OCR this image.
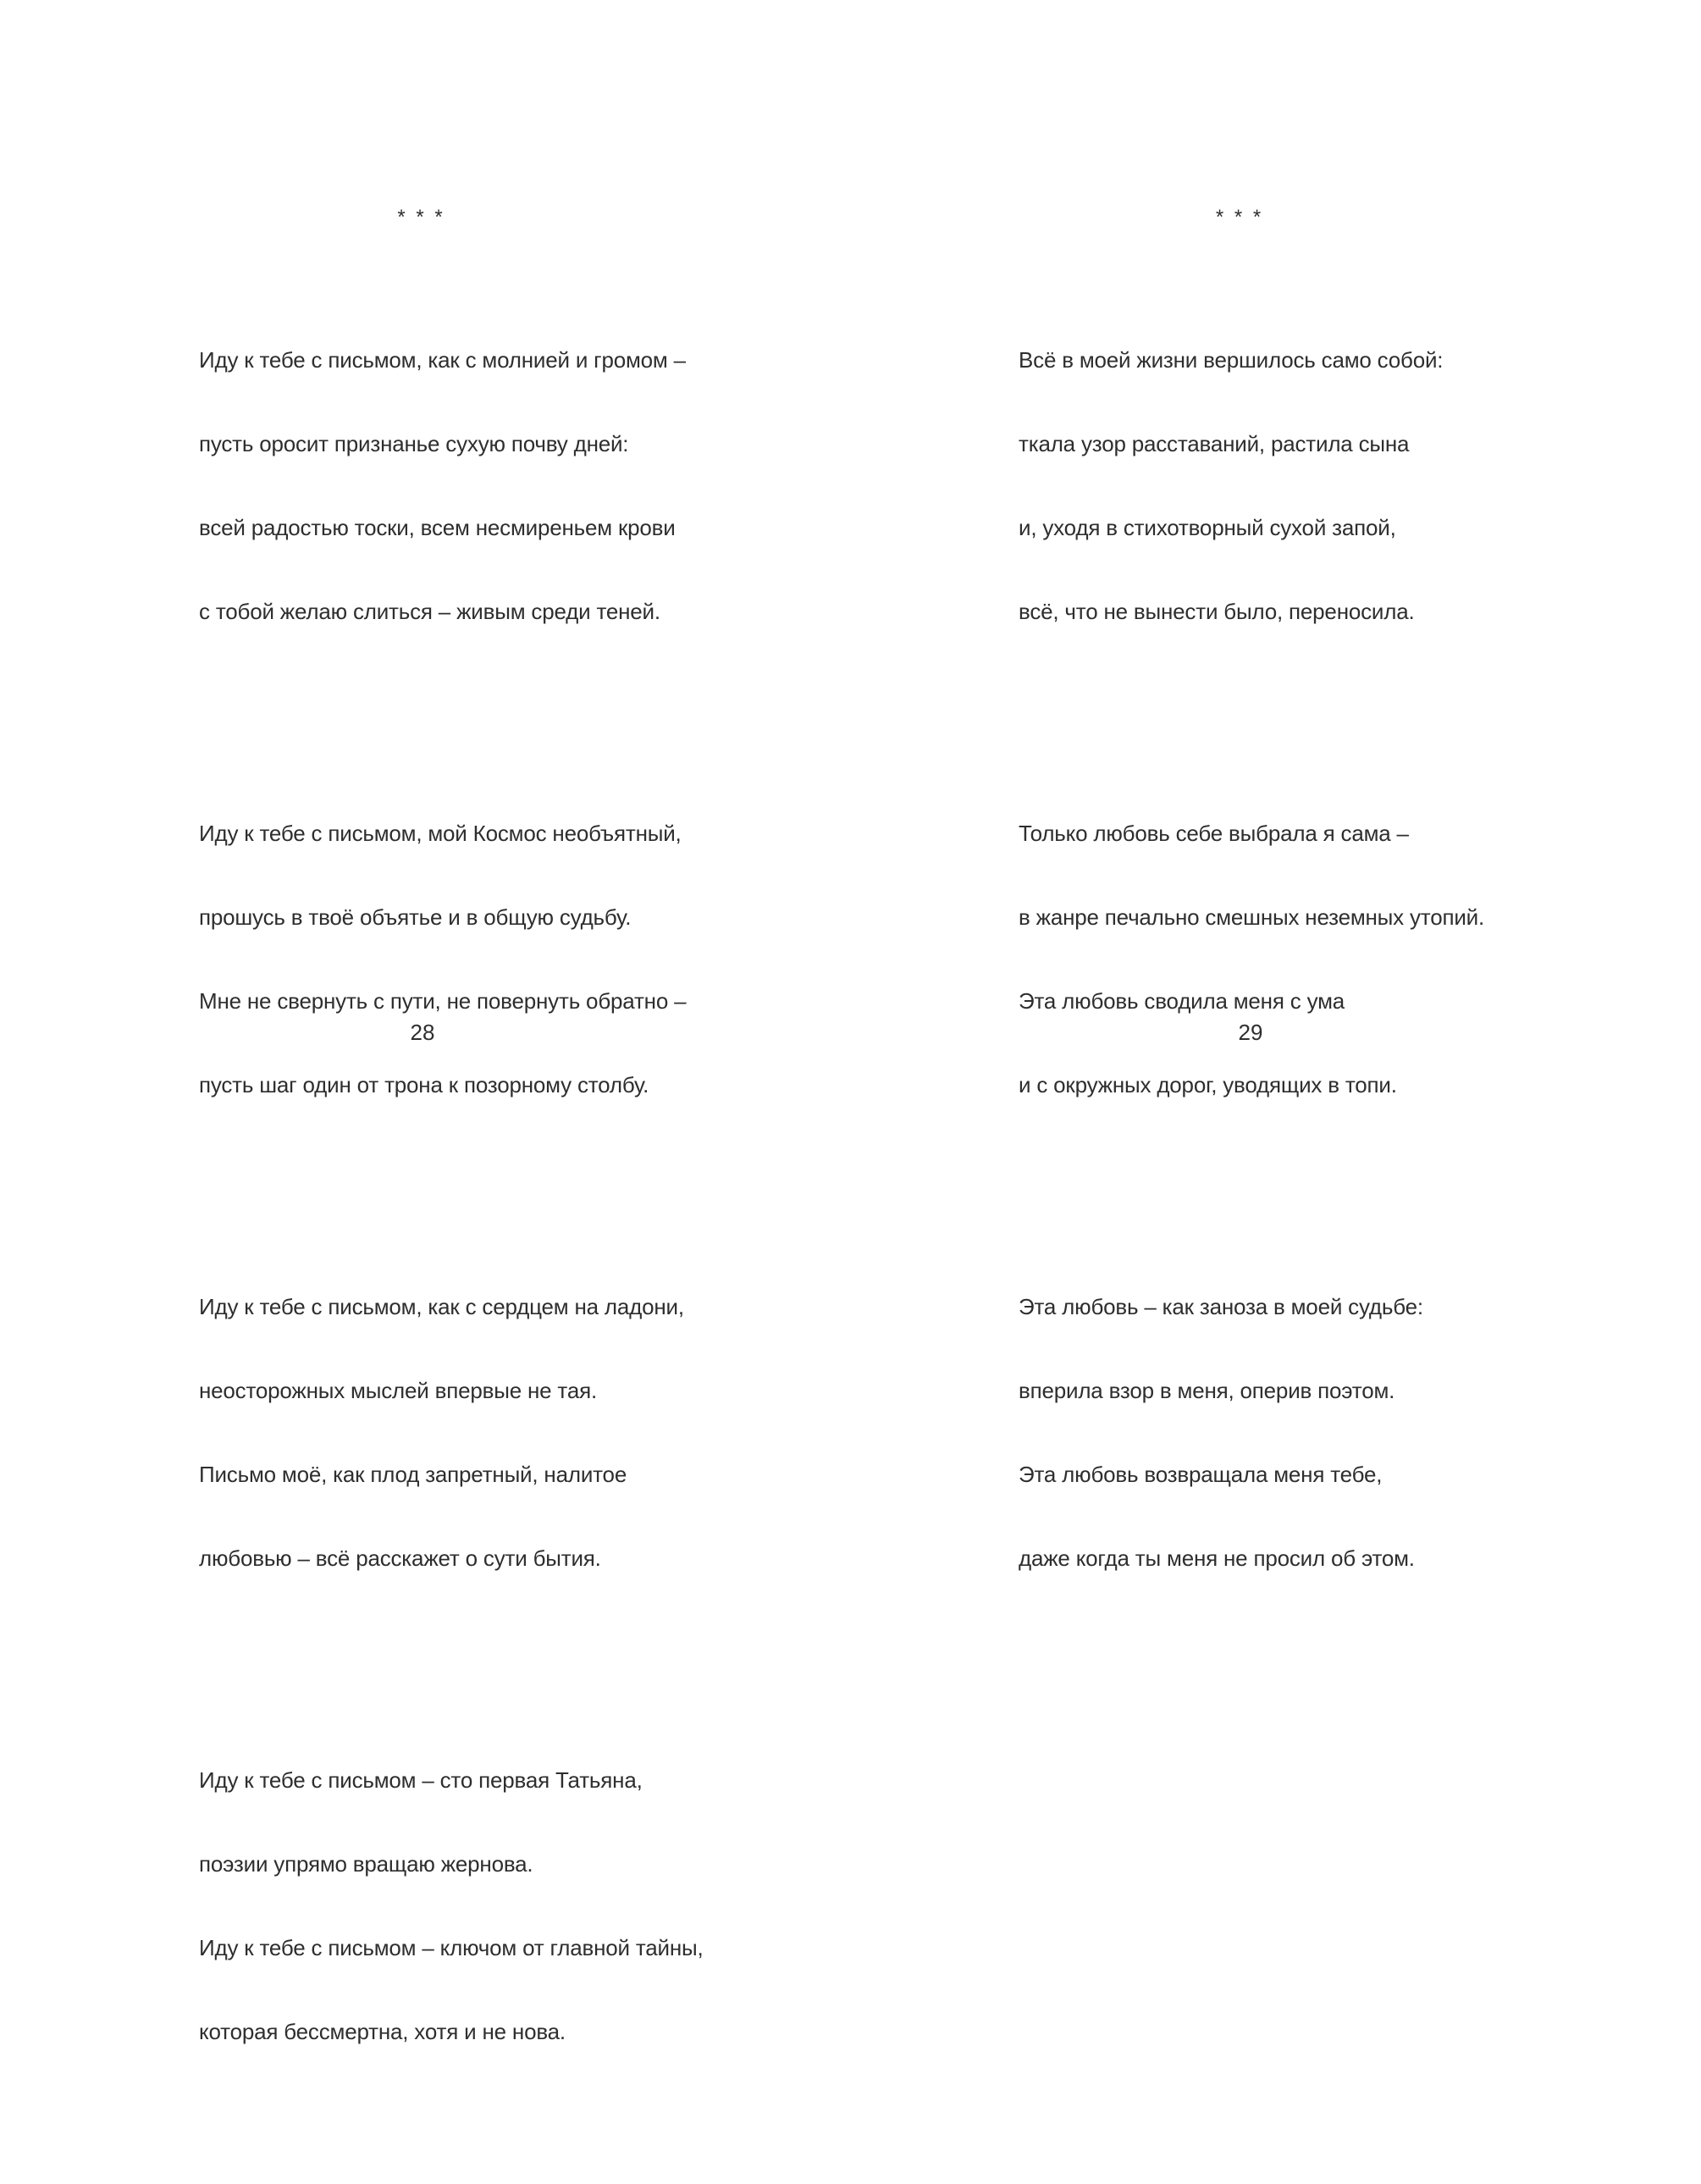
* * *

Иду к тебе с письмом, как с молнией и громом –

пусть оросит признанье сухую почву дней:

всей радостью тоски, всем несмиреньем крови

с тобой желаю слиться – живым среди теней.

Иду к тебе с письмом, мой Космос необъятный,

прошусь в твоё объятье и в общую судьбу.

Мне не свернуть с пути, не повернуть обратно –

пусть шаг один от трона к позорному столбу.

Иду к тебе с письмом, как с сердцем на ладони,

неосторожных мыслей впервые не тая.

Письмо моё, как плод запретный, налитое

любовью – всё расскажет о сути бытия.

Иду к тебе с письмом – сто первая Татьяна,

поэзии упрямо вращаю жернова.

Иду к тебе с письмом – ключом от главной тайны,

которая бессмертна, хотя и не нова.

28
* * *

Всё в моей жизни вершилось само собой:

ткала узор расставаний, растила сына

и, уходя в стихотворный сухой запой,

всё, что не вынести было, переносила.

Только любовь себе выбрала я сама –

в жанре печально смешных неземных утопий.

Эта любовь сводила меня с ума

и с окружных дорог, уводящих в топи.

Эта любовь – как заноза в моей судьбе:

вперила взор в меня, оперив поэтом.

Эта любовь возвращала меня тебе,

даже когда ты меня не просил об этом.

29
